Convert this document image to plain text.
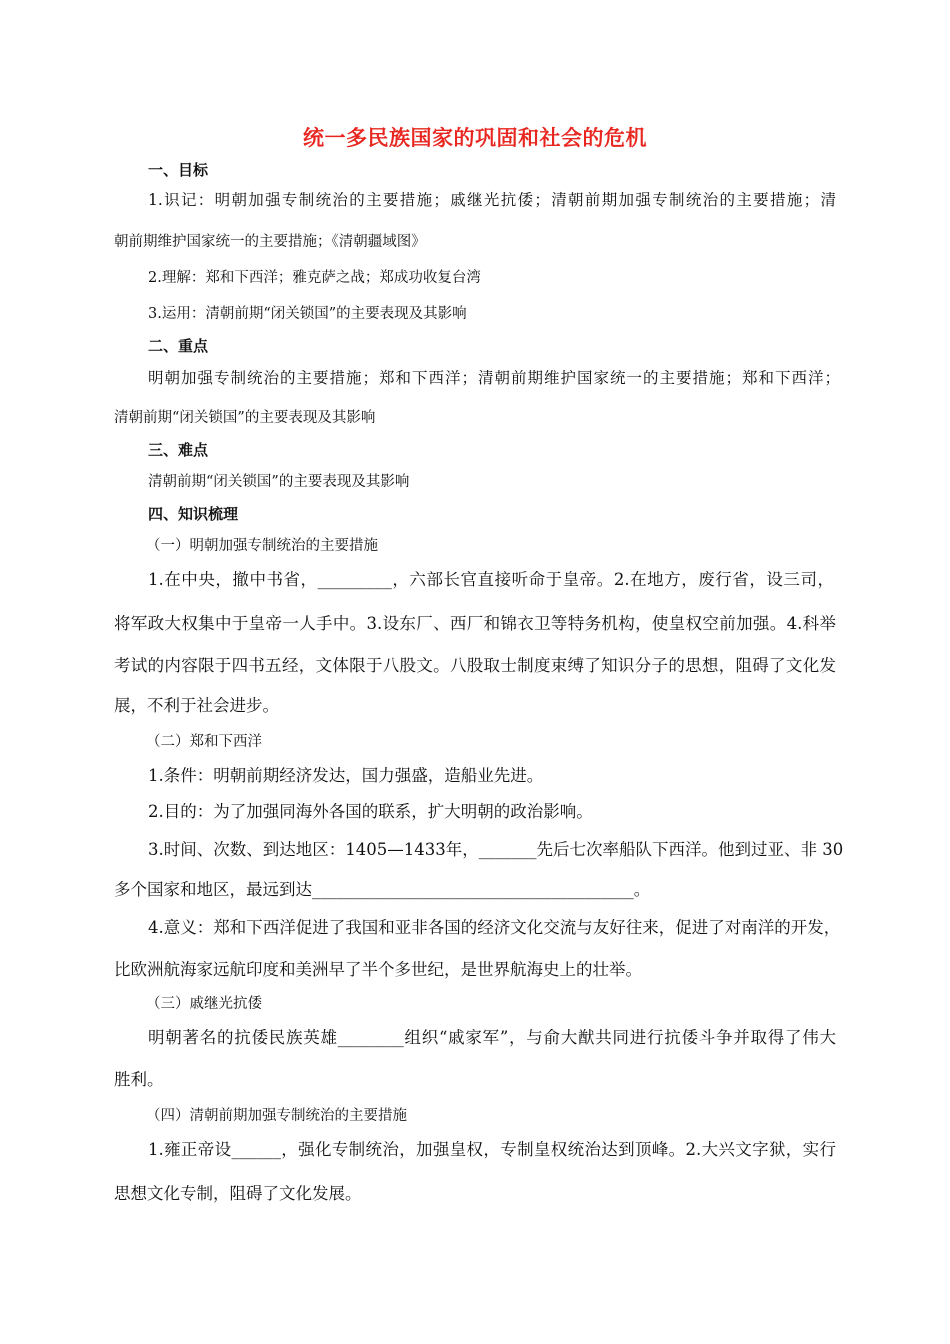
统一多民族国家的巩固和社会的危机
一、目标
1.识记：明朝加强专制统治的主要措施；戚继光抗倭；清朝前期加强专制统治的主要措施；清
朝前期维护国家统一的主要措施；《清朝疆域图》
2.理解：郑和下西洋；雅克萨之战；郑成功收复台湾
3.运用：清朝前期“闭关锁国”的主要表现及其影响
二、重点
明朝加强专制统治的主要措施；郑和下西洋；清朝前期维护国家统一的主要措施；郑和下西洋；
清朝前期“闭关锁国”的主要表现及其影响
三、难点
清朝前期“闭关锁国”的主要表现及其影响
四、知识梳理
（一）明朝加强专制统治的主要措施
1.在中央，撤中书省，_________，六部长官直接听命于皇帝。2.在地方，废行省，设三司，
将军政大权集中于皇帝一人手中。3.设东厂、西厂和锦衣卫等特务机构，使皇权空前加强。4.科举
考试的内容限于四书五经，文体限于八股文。八股取士制度束缚了知识分子的思想，阻碍了文化发
展，不利于社会进步。
（二）郑和下西洋
1.条件：明朝前期经济发达，国力强盛，造船业先进。
2.目的：为了加强同海外各国的联系，扩大明朝的政治影响。
3.时间、次数、到达地区：1405—1433年，_______先后七次率船队下西洋。他到过亚、非 30
多个国家和地区，最远到达_______________________________________。
4.意义：郑和下西洋促进了我国和亚非各国的经济文化交流与友好往来，促进了对南洋的开发，
比欧洲航海家远航印度和美洲早了半个多世纪，是世界航海史上的壮举。
（三）戚继光抗倭
明朝著名的抗倭民族英雄________组织“戚家军”，与俞大猷共同进行抗倭斗争并取得了伟大
胜利。
（四）清朝前期加强专制统治的主要措施
1.雍正帝设______，强化专制统治，加强皇权，专制皇权统治达到顶峰。2.大兴文字狱，实行
思想文化专制，阻碍了文化发展。
